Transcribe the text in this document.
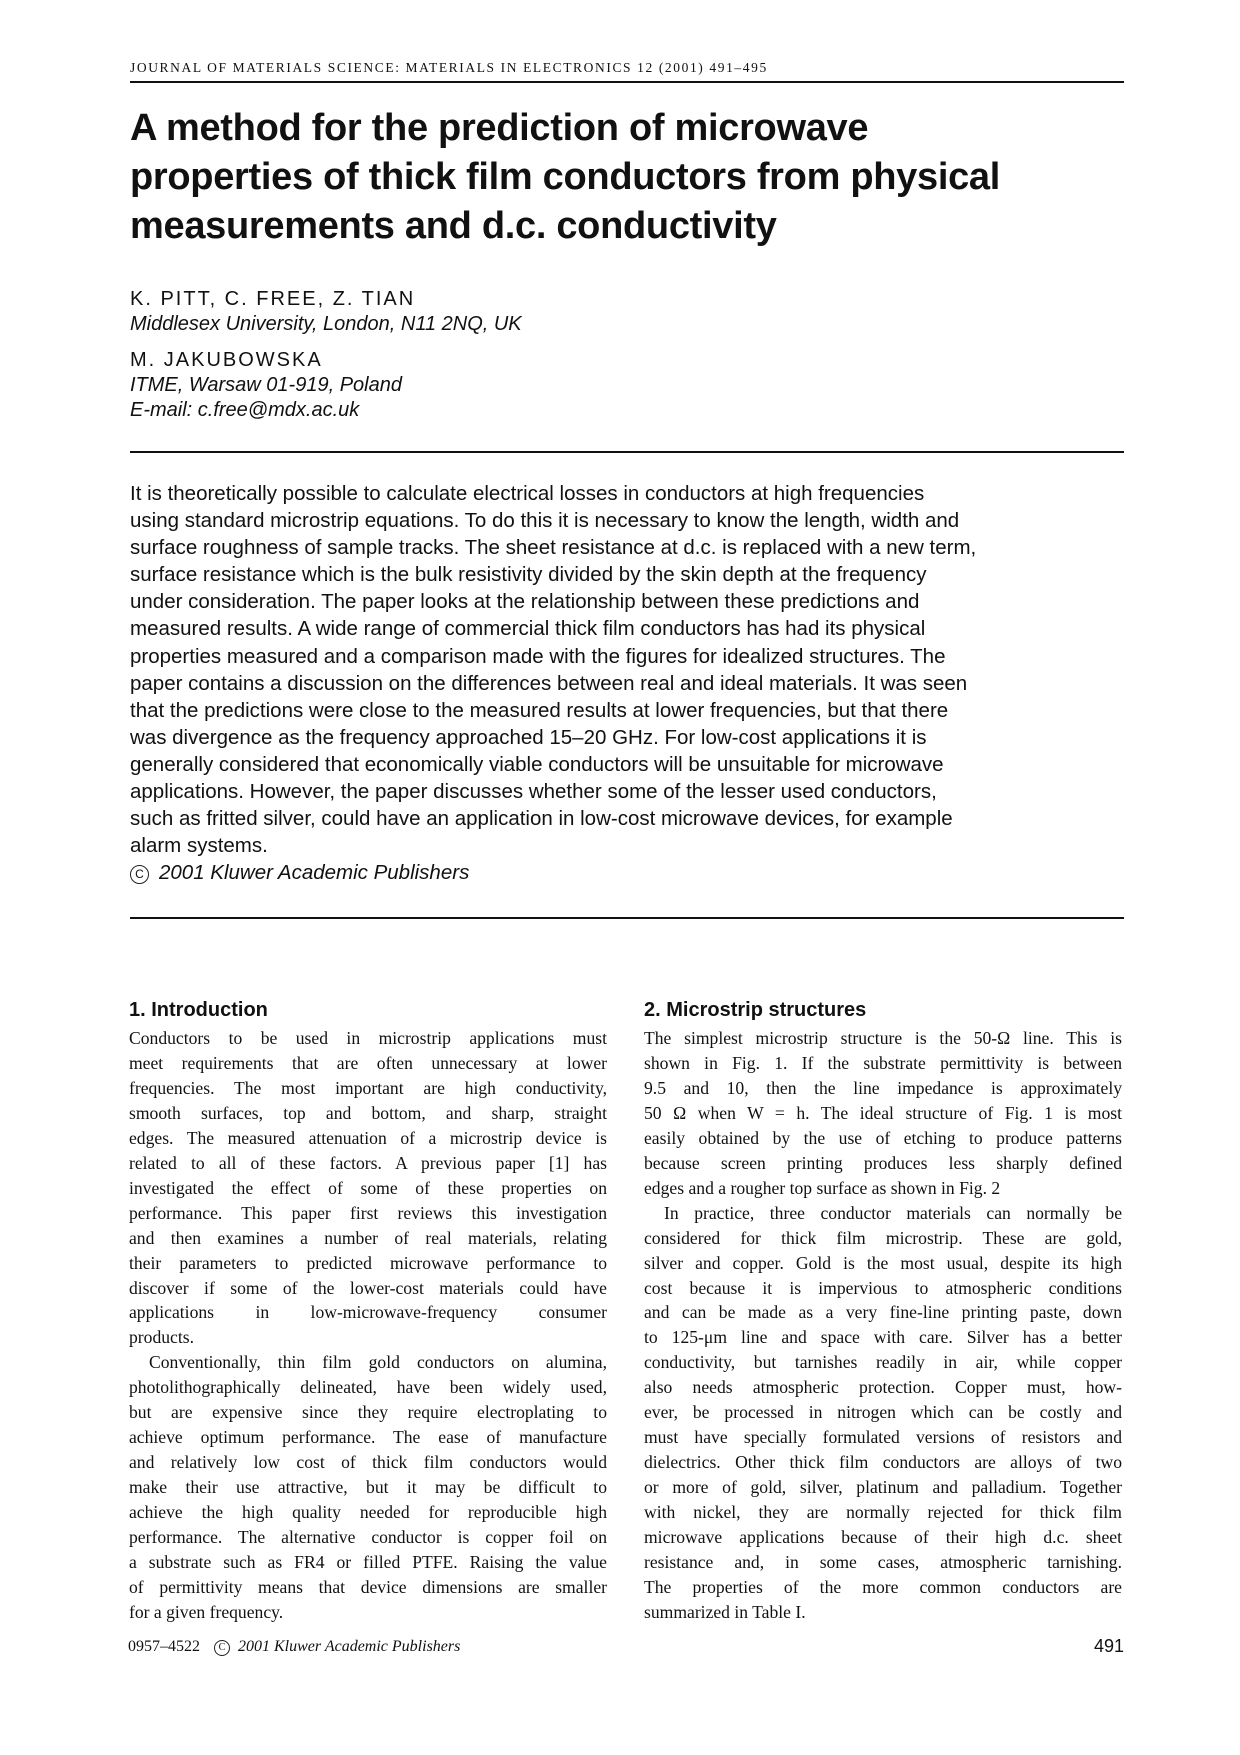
JOURNAL OF MATERIALS SCIENCE: MATERIALS IN ELECTRONICS 12 (2001) 491–495
A method for the prediction of microwave
properties of thick film conductors from physical
measurements and d.c. conductivity
K. PITT, C. FREE, Z. TIAN
Middlesex University, London, N11 2NQ, UK
M. JAKUBOWSKA
ITME, Warsaw 01-919, Poland
E-mail: c.free@mdx.ac.uk
It is theoretically possible to calculate electrical losses in conductors at high frequencies
using standard microstrip equations. To do this it is necessary to know the length, width and
surface roughness of sample tracks. The sheet resistance at d.c. is replaced with a new term,
surface resistance which is the bulk resistivity divided by the skin depth at the frequency
under consideration. The paper looks at the relationship between these predictions and
measured results. A wide range of commercial thick film conductors has had its physical
properties measured and a comparison made with the figures for idealized structures. The
paper contains a discussion on the differences between real and ideal materials. It was seen
that the predictions were close to the measured results at lower frequencies, but that there
was divergence as the frequency approached 15–20 GHz. For low-cost applications it is
generally considered that economically viable conductors will be unsuitable for microwave
applications. However, the paper discusses whether some of the lesser used conductors,
such as fritted silver, could have an application in low-cost microwave devices, for example
alarm systems.
C 2001 Kluwer Academic Publishers
1. Introduction	2. Microstrip structures
Conductors to be used in microstrip applications must
meet requirements that are often unnecessary at lower
frequencies. The most important are high conductivity,
smooth surfaces, top and bottom, and sharp, straight
edges. The measured attenuation of a microstrip device is
related to all of these factors. A previous paper [1] has
investigated the effect of some of these properties on
performance. This paper first reviews this investigation
and then examines a number of real materials, relating
their parameters to predicted microwave performance to
discover if some of the lower-cost materials could have
applications in low-microwave-frequency consumer
products.
Conventionally, thin film gold conductors on alumina,
photolithographically delineated, have been widely used,
but are expensive since they require electroplating to
achieve optimum performance. The ease of manufacture
and relatively low cost of thick film conductors would
make their use attractive, but it may be difficult to
achieve the high quality needed for reproducible high
performance. The alternative conductor is copper foil on
a substrate such as FR4 or filled PTFE. Raising the value
of permittivity means that device dimensions are smaller
for a given frequency.
The simplest microstrip structure is the 50-Ω line. This is
shown in Fig. 1. If the substrate permittivity is between
9.5 and 10, then the line impedance is approximately
50 Ω when W = h. The ideal structure of Fig. 1 is most
easily obtained by the use of etching to produce patterns
because screen printing produces less sharply defined
edges and a rougher top surface as shown in Fig. 2
In practice, three conductor materials can normally be
considered for thick film microstrip. These are gold,
silver and copper. Gold is the most usual, despite its high
cost because it is impervious to atmospheric conditions
and can be made as a very fine-line printing paste, down
to 125-μm line and space with care. Silver has a better
conductivity, but tarnishes readily in air, while copper
also needs atmospheric protection. Copper must, how-
ever, be processed in nitrogen which can be costly and
must have specially formulated versions of resistors and
dielectrics. Other thick film conductors are alloys of two
or more of gold, silver, platinum and palladium. Together
with nickel, they are normally rejected for thick film
microwave applications because of their high d.c. sheet
resistance and, in some cases, atmospheric tarnishing.
The properties of the more common conductors are
summarized in Table I.
0957–4522 C 2001 Kluwer Academic Publishers	491
